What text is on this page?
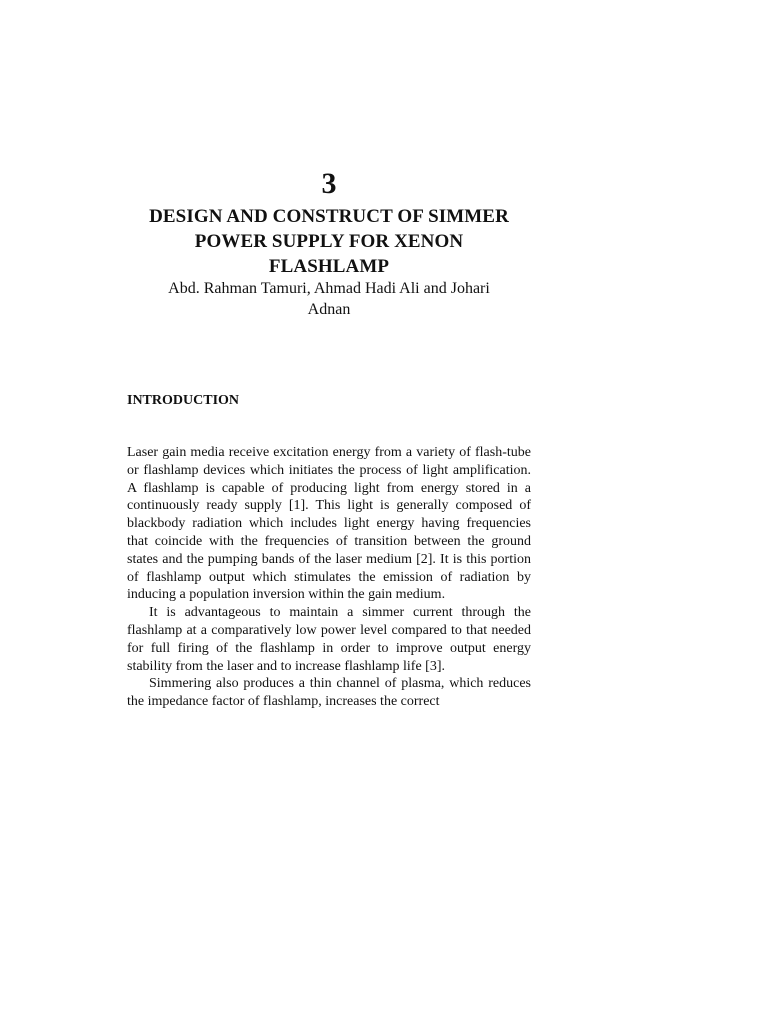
3
DESIGN AND CONSTRUCT OF SIMMER
POWER SUPPLY FOR XENON
FLASHLAMP
Abd. Rahman Tamuri, Ahmad Hadi Ali and Johari
Adnan
INTRODUCTION

Laser gain media receive excitation energy from a variety of flash-tube or flashlamp devices which initiates the process of light amplification. A flashlamp is capable of producing light from energy stored in a continuously ready supply [1]. This light is generally composed of blackbody radiation which includes light energy having frequencies that coincide with the frequencies of transition between the ground states and the pumping bands of the laser medium [2]. It is this portion of flashlamp output which stimulates the emission of radiation by inducing a population inversion within the gain medium.

It is advantageous to maintain a simmer current through the flashlamp at a comparatively low power level compared to that needed for full firing of the flashlamp in order to improve output energy stability from the laser and to increase flashlamp life [3].

Simmering also produces a thin channel of plasma, which reduces the impedance factor of flashlamp, increases the correct
